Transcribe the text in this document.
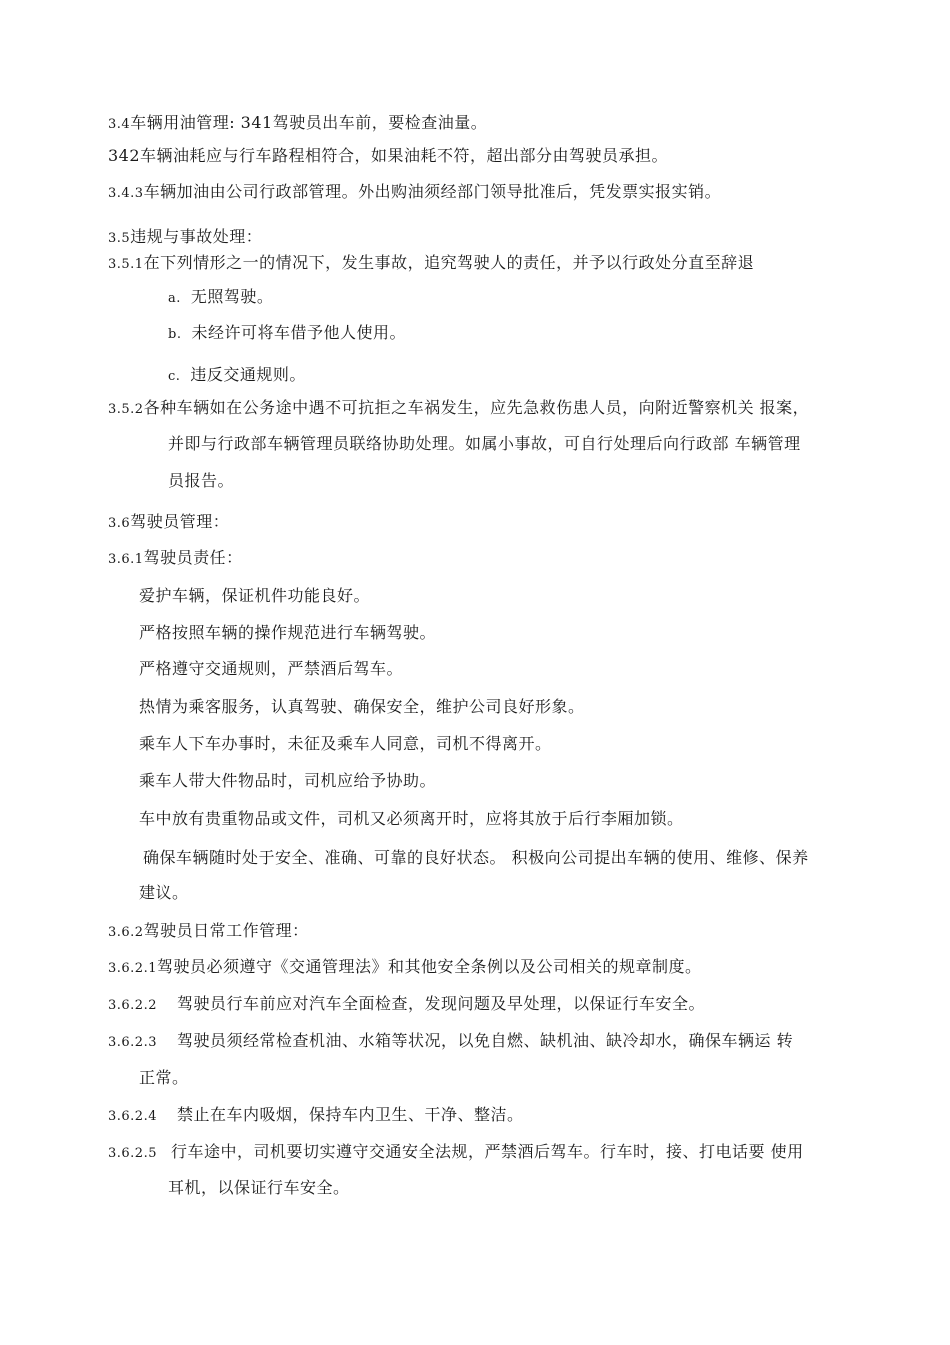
3.4车辆用油管理: 341驾驶员出车前，要检查油量。
342车辆油耗应与行车路程相符合，如果油耗不符，超出部分由驾驶员承担。
3.4.3车辆加油由公司行政部管理。外出购油须经部门领导批准后，凭发票实报实销。
3.5违规与事故处理：
3.5.1在下列情形之一的情况下，发生事故，追究驾驶人的责任，并予以行政处分直至辞退
a. 无照驾驶。
b. 未经许可将车借予他人使用。
c. 违反交通规则。
3.5.2各种车辆如在公务途中遇不可抗拒之车祸发生，应先急救伤患人员，向附近警察机关 报案，
并即与行政部车辆管理员联络协助处理。如属小事故，可自行处理后向行政部 车辆管理
员报告。
3.6驾驶员管理：
3.6.1驾驶员责任：
爱护车辆，保证机件功能良好。
严格按照车辆的操作规范进行车辆驾驶。
严格遵守交通规则，严禁酒后驾车。
热情为乘客服务，认真驾驶、确保安全，维护公司良好形象。
乘车人下车办事时，未征及乘车人同意，司机不得离开。
乘车人带大件物品时，司机应给予协助。
车中放有贵重物品或文件，司机又必须离开时，应将其放于后行李厢加锁。
确保车辆随时处于安全、准确、可靠的良好状态。 积极向公司提出车辆的使用、维修、保养
建议。
3.6.2驾驶员日常工作管理：
3.6.2.1驾驶员必须遵守《交通管理法》和其他安全条例以及公司相关的规章制度。
3.6.2.2 驾驶员行车前应对汽车全面检查，发现问题及早处理，以保证行车安全。
3.6.2.3 驾驶员须经常检查机油、水箱等状况，以免自燃、缺机油、缺冷却水，确保车辆运 转
正常。
3.6.2.4 禁止在车内吸烟，保持车内卫生、干净、整洁。
3.6.2.5 行车途中，司机要切实遵守交通安全法规，严禁酒后驾车。行车时，接、打电话要 使用
耳机，以保证行车安全。
